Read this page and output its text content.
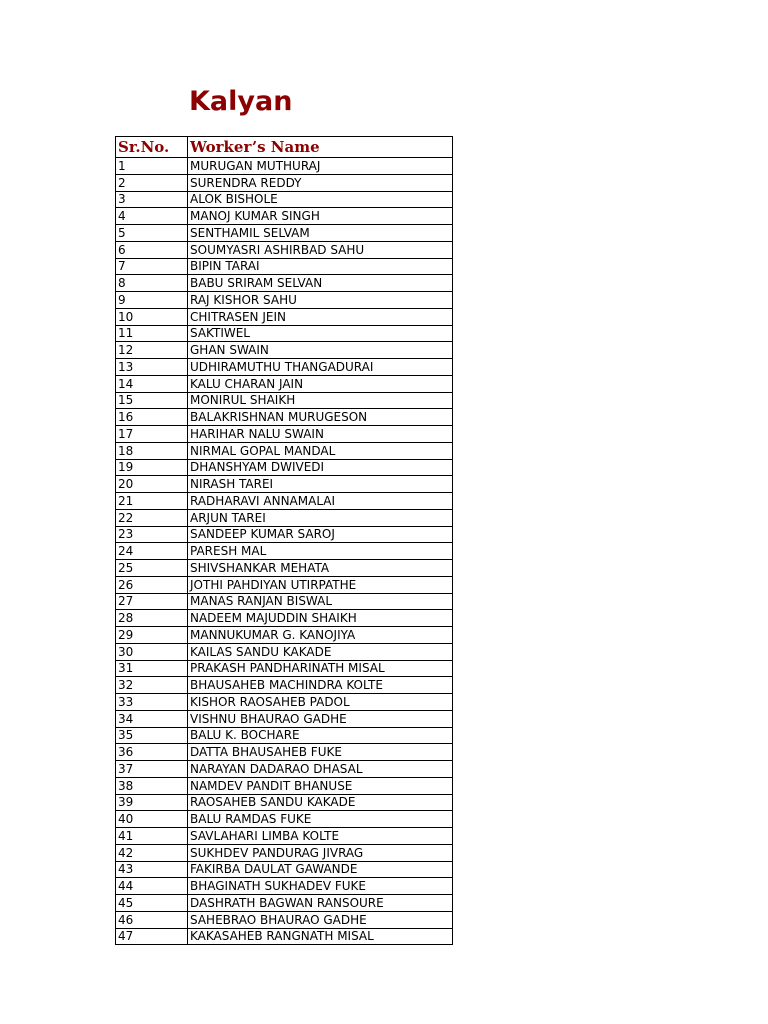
Kalyan
Sr.No.	Worker’s Name
1	MURUGAN MUTHURAJ
2	SURENDRA REDDY
3	ALOK BISHOLE
4	MANOJ KUMAR SINGH
5	SENTHAMIL SELVAM
6	SOUMYASRI ASHIRBAD SAHU
7	BIPIN TARAI
8	BABU SRIRAM SELVAN
9	RAJ KISHOR SAHU
10	CHITRASEN JEIN
11	SAKTIWEL
12	GHAN SWAIN
13	UDHIRAMUTHU THANGADURAI
14	KALU CHARAN JAIN
15	MONIRUL SHAIKH
16	BALAKRISHNAN MURUGESON
17	HARIHAR NALU SWAIN
18	NIRMAL GOPAL MANDAL
19	DHANSHYAM DWIVEDI
20	NIRASH TAREI
21	RADHARAVI ANNAMALAI
22	ARJUN TAREI
23	SANDEEP KUMAR SAROJ
24	PARESH MAL
25	SHIVSHANKAR MEHATA
26	JOTHI PAHDIYAN UTIRPATHE
27	MANAS RANJAN BISWAL
28	NADEEM MAJUDDIN SHAIKH
29	MANNUKUMAR G. KANOJIYA
30	KAILAS SANDU KAKADE
31	PRAKASH PANDHARINATH MISAL
32	BHAUSAHEB MACHINDRA KOLTE
33	KISHOR RAOSAHEB PADOL
34	VISHNU BHAURAO GADHE
35	BALU K. BOCHARE
36	DATTA BHAUSAHEB FUKE
37	NARAYAN DADARAO DHASAL
38	NAMDEV PANDIT BHANUSE
39	RAOSAHEB SANDU KAKADE
40	BALU RAMDAS FUKE
41	SAVLAHARI LIMBA KOLTE
42	SUKHDEV PANDURAG JIVRAG
43	FAKIRBA DAULAT GAWANDE
44	BHAGINATH SUKHADEV FUKE
45	DASHRATH BAGWAN RANSOURE
46	SAHEBRAO BHAURAO GADHE
47	KAKASAHEB RANGNATH MISAL
